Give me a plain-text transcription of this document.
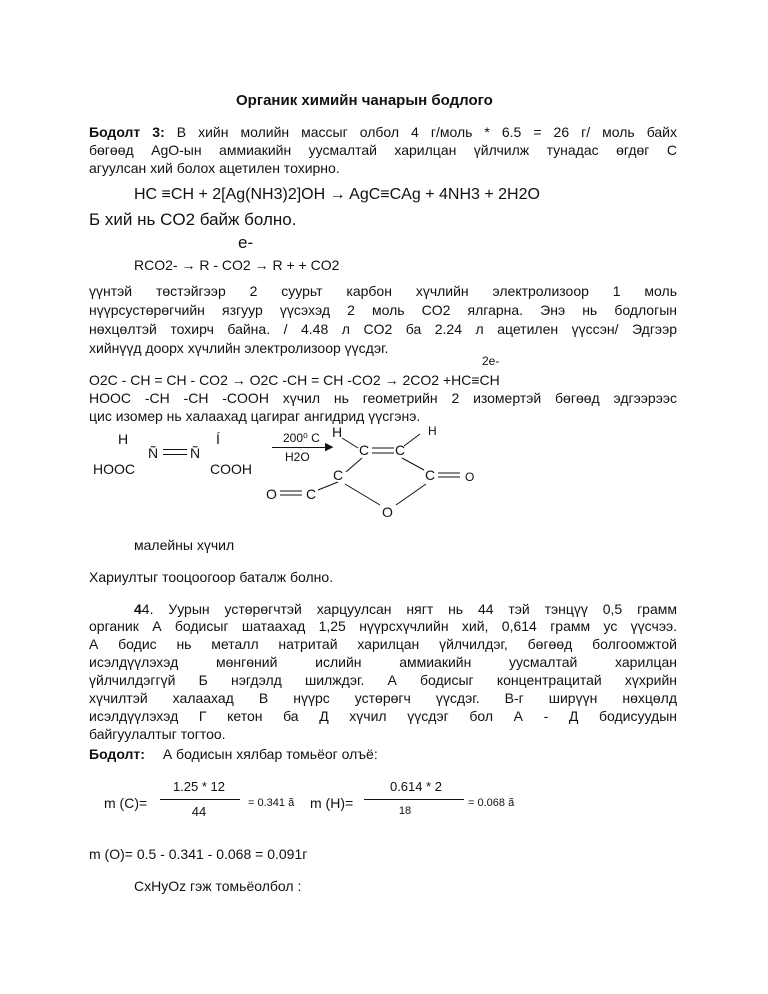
Органик химийн чанарын бодлого
Бодолт 3: В хийн молийн массыг олбол 4 г/моль * 6.5 = 26 г/ моль байх
бөгөөд AgO-ын аммиакийн уусмалтай харилцан үйлчилж тунадас өгдөг С
агуулсан хий болох ацетилен тохирно.
HC ≡CH + 2[Ag(NH3)2]OH → AgC≡CAg + 4NH3 + 2H2O
Б хий нь CO2 байж болно.
e-
RCO2- → R - CO2 → R + + CO2
үүнтэй төстэйгээр 2 суурьт карбон хүчлийн электролизоор 1 моль
нүүрсустөрөгчийн язгуур үүсэхэд 2 моль CO2 ялгарна. Энэ нь бодлогын
нөхцөлтэй тохирч байна. / 4.48 л CO2 ба 2.24 л ацетилен үүссэн/ Эдгээр
хийнүүд доорх хүчлийн электролизоор үүсдэг.
2e-
O2C - CH = CH - CO2 → O2C -CH = CH -CO2 → 2CO2 +HC≡CH
HOOC -CH -CH -COOH хүчил нь геометрийн 2 изомертэй бөгөөд эдгээрээс
цис изомер нь халаахад цагираг ангидрид үүсгэнэ.
H	Í
Ñ Ñ
HOOC	COOH
200⁰ C
▶
H2O
H	H
C C
C	C
O C
O
O
малейны хүчил
Хариултыг тооцоогоор баталж болно.
44. Уурын устөрөгчтэй харцуулсан нягт нь 44 тэй тэнцүү 0,5 грамм
органик А бодисыг шатаахад 1,25 нүүрсхүчлийн хий, 0,614 грамм ус үүсчээ.
А бодис нь металл натритай харилцан үйлчилдэг, бөгөөд болгоомжтой
исэлдүүлэхэд мөнгөний ислийн аммиакийн уусмалтай харилцан
үйлчилдэггүй Б нэгдэлд шилждэг. А бодисыг концентрацитай хүхрийн
хүчилтэй халаахад В нүүрс устөрөгч үүсдэг. В-г ширүүн нөхцөлд
исэлдүүлэхэд Г кетон ба Д хүчил үүсдэг бол А - Д бодисуудын
байгуулалтыг тогтоо.
Бодолт: А бодисын хялбар томьёог олъё:
m (C)=
1.25 * 12
44
= 0.341 ã m (H)=
0.614 * 2
18
= 0.068 ã
m (O)= 0.5 - 0.341 - 0.068 = 0.091г
CxHyOz гэж томьёолбол :
